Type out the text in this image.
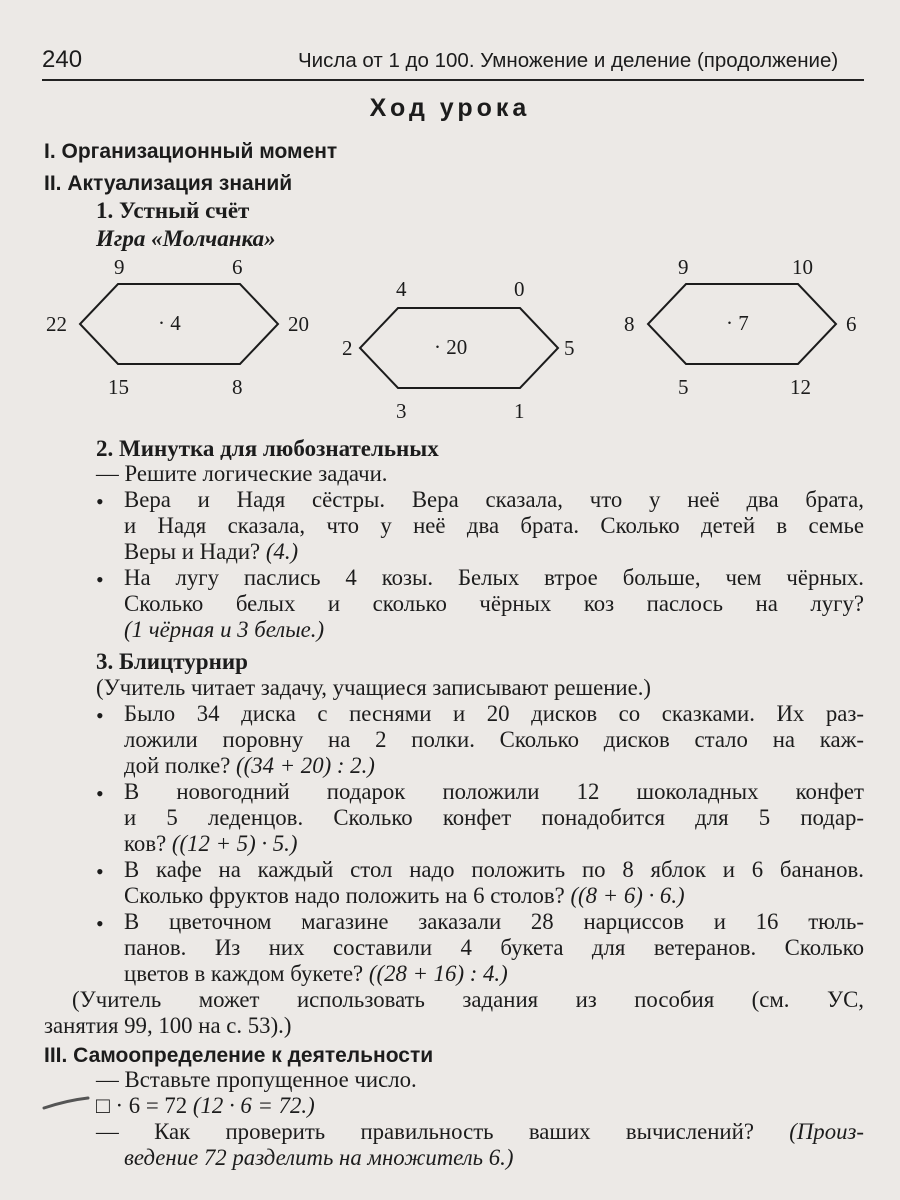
240	Числа от 1 до 100. Умножение и деление (продолжение)
Ход урока
I. Организационный момент
II. Актуализация знаний
1. Устный счёт
Игра «Молчанка»
· 4
9	6
22	20
15	8
· 20
4	0
2	5
3	1
· 7
9	10
8	6
5	12
2. Минутка для любознательных
— Решите логические задачи.
• Вера и Надя сёстры. Вера сказала, что у неё два брата,
и Надя сказала, что у неё два брата. Сколько детей в семье
Веры и Нади? (4.)
• На лугу паслись 4 козы. Белых втрое больше, чем чёрных.
Сколько белых и сколько чёрных коз паслось на лугу?
(1 чёрная и 3 белые.)
3. Блицтурнир
(Учитель читает задачу, учащиеся записывают решение.)
• Было 34 диска с песнями и 20 дисков со сказками. Их раз-
ложили поровну на 2 полки. Сколько дисков стало на каж-
дой полке? ((34 + 20) : 2.)
• В новогодний подарок положили 12 шоколадных конфет
и 5 леденцов. Сколько конфет понадобится для 5 подар-
ков? ((12 + 5) · 5.)
• В кафе на каждый стол надо положить по 8 яблок и 6 бананов.
Сколько фруктов надо положить на 6 столов? ((8 + 6) · 6.)
• В цветочном магазине заказали 28 нарциссов и 16 тюль-
панов. Из них составили 4 букета для ветеранов. Сколько
цветов в каждом букете? ((28 + 16) : 4.)
(Учитель может использовать задания из пособия (см. УС,
занятия 99, 100 на с. 53).)
III. Самоопределение к деятельности
— Вставьте пропущенное число.
□ · 6 = 72 (12 · 6 = 72.)
— Как проверить правильность ваших вычислений? (Произ-
ведение 72 разделить на множитель 6.)
